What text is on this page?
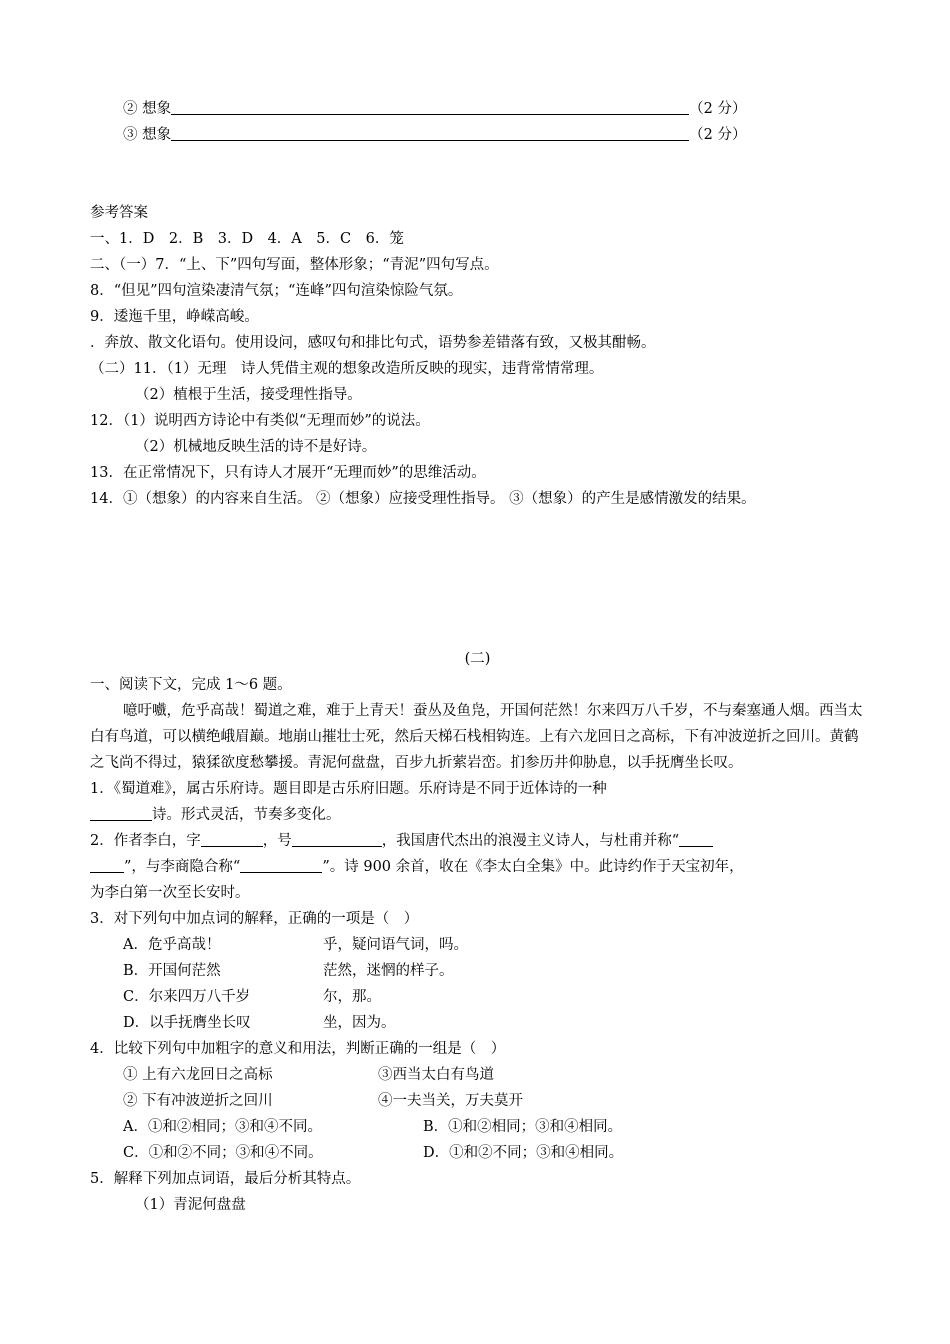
② 想象	（2 分）
③ 想象	（2 分）
参考答案
一、1．D　2．B　3．D　4．A　5．C　6．笼
二、（一）7．“上、下”四句写面，整体形象；“青泥”四句写点。
8．“但见”四句渲染凄清气氛；“连峰”四句渲染惊险气氛。
9．逶迤千里，峥嵘高峻。
．奔放、散文化语句。使用设问，感叹句和排比句式，语势参差错落有致，又极其酣畅。
（二）11．（1）无理　诗人凭借主观的想象改造所反映的现实，违背常情常理。
（2）植根于生活，接受理性指导。
12．（1）说明西方诗论中有类似“无理而妙”的说法。
（2）机械地反映生活的诗不是好诗。
13．在正常情况下，只有诗人才展开“无理而妙”的思维活动。
14．①（想象）的内容来自生活。 ②（想象）应接受理性指导。 ③（想象）的产生是感情激发的结果。
(二)
一、阅读下文，完成 1～6 题。
噫吁嚱，危乎高哉！蜀道之难，难于上青天！蚕丛及鱼凫，开国何茫然！尔来四万八千岁，不与秦塞通人烟。西当太白有鸟道，可以横绝峨眉巅。地崩山摧壮士死，然后天梯石栈相钩连。上有六龙回日之高标，下有冲波逆折之回川。黄鹤之飞尚不得过，猿猱欲度愁攀援。青泥何盘盘，百步九折萦岩峦。扪参历井仰胁息，以手抚膺坐长叹。
1．《蜀道难》，属古乐府诗。题目即是古乐府旧题。乐府诗是不同于近体诗的一种
诗。形式灵活，节奏多变化。
2．作者李白，字	，号	，我国唐代杰出的浪漫主义诗人，与杜甫并称“
”，与李商隐合称“	”。诗 900 余首，收在《李太白全集》中。此诗约作于天宝初年，
为李白第一次至长安时。
3．对下列句中加点词的解释，正确的一项是（　）
A．危乎高哉！	乎，疑问语气词，吗。
B．开国何茫然	茫然，迷惘的样子。
C．尔来四万八千岁	尔，那。
D．以手抚膺坐长叹	坐，因为。
4．比较下列句中加粗字的意义和用法，判断正确的一组是（　）
① 上有六龙回日之高标	③西当太白有鸟道
② 下有冲波逆折之回川	④一夫当关，万夫莫开
A．①和②相同；③和④不同。	B．①和②相同；③和④相同。
C．①和②不同；③和④不同。	D．①和②不同；③和④相同。
5．解释下列加点词语，最后分析其特点。
（1）青泥何盘盘
